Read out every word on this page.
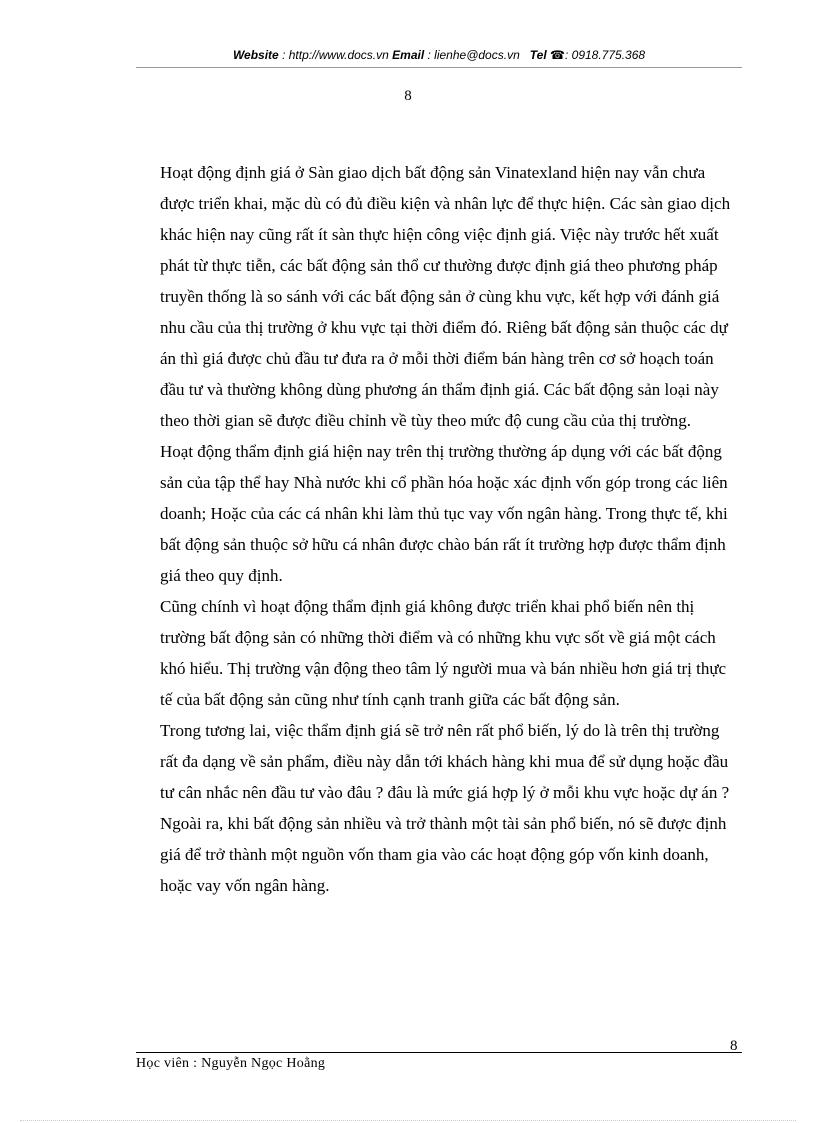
Website : http://www.docs.vn Email : lienhe@docs.vn Tel ☎: 0918.775.368
8

Hoạt động định giá ở Sàn giao dịch bất động sản Vinatexland hiện nay vẫn chưa được triển khai, mặc dù có đủ điều kiện và nhân lực để thực hiện. Các sàn giao dịch khác hiện nay cũng rất ít sàn thực hiện công việc định giá. Việc này trước hết xuất phát từ thực tiễn, các bất động sản thổ cư thường được định giá theo phương pháp truyền thống là so sánh với các bất động sản ở cùng khu vực, kết hợp với đánh giá nhu cầu của thị trường ở khu vực tại thời điểm đó. Riêng bất động sản thuộc các dự án thì giá được chủ đầu tư đưa ra ở mỗi thời điểm bán hàng trên cơ sở hoạch toán đầu tư và thường không dùng phương án thẩm định giá. Các bất động sản loại này theo thời gian sẽ được điều chỉnh về tùy theo mức độ cung cầu của thị trường.

Hoạt động thẩm định giá hiện nay trên thị trường thường áp dụng với các bất động sản của tập thể hay Nhà nước khi cổ phần hóa hoặc xác định vốn góp trong các liên doanh; Hoặc của các cá nhân khi làm thủ tục vay vốn ngân hàng. Trong thực tế, khi bất động sản thuộc sở hữu cá nhân được chào bán rất ít trường hợp được thẩm định giá theo quy định.

Cũng chính vì hoạt động thẩm định giá không được triển khai phổ biến nên thị trường bất động sản có những thời điểm và có những khu vực sốt về giá một cách khó hiểu. Thị trường vận động theo tâm lý người mua và bán nhiều hơn giá trị thực tế của bất động sản cũng như tính cạnh tranh giữa các bất động sản.

Trong tương lai, việc thẩm định giá sẽ trở nên rất phổ biến, lý do là trên thị trường rất đa dạng về sản phẩm, điều này dẫn tới khách hàng khi mua để sử dụng hoặc đầu tư cân nhắc nên đầu tư vào đâu ? đâu là mức giá hợp lý ở mỗi khu vực hoặc dự án ? Ngoài ra, khi bất động sản nhiều và trở thành một tài sản phổ biến, nó sẽ được định giá để trở thành một nguồn vốn tham gia vào các hoạt động góp vốn kinh doanh, hoặc vay vốn ngân hàng.

8
Học viên : Nguyễn Ngọc Hoằng
